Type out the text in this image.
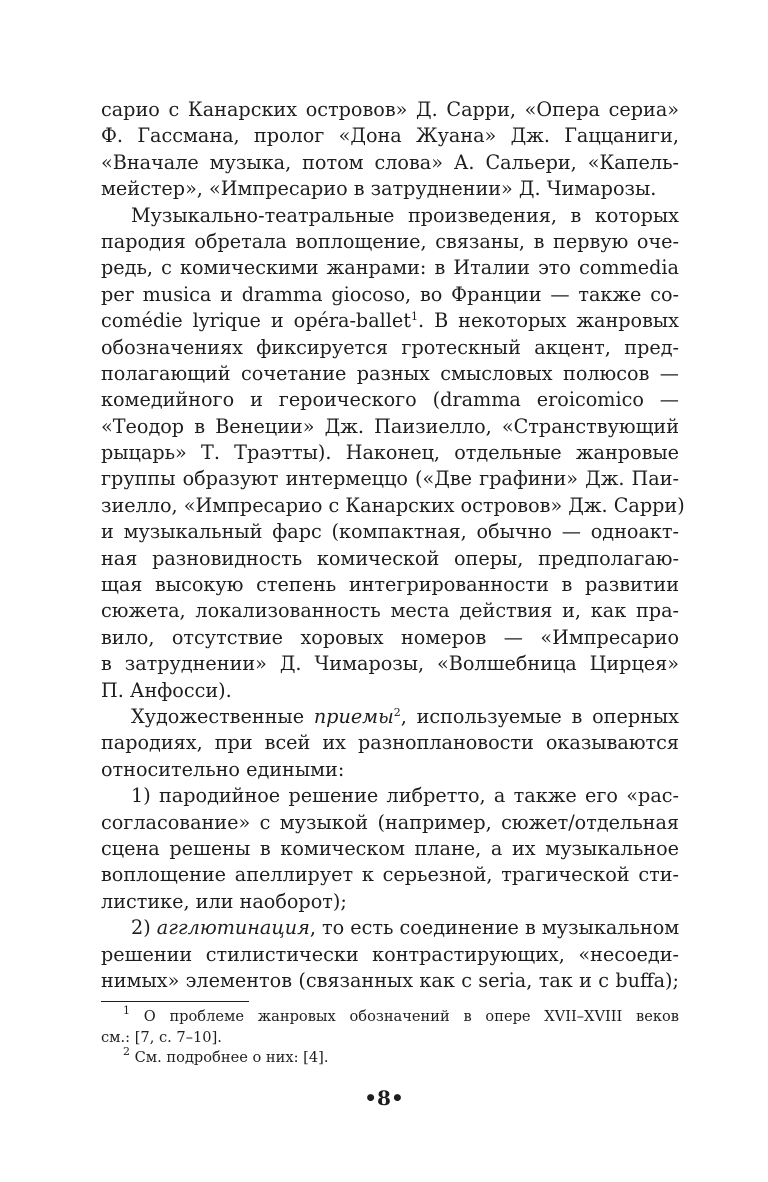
сарио с Канарских островов» Д. Сарри, «Опера сериа»
Ф. Гассмана, пролог «Дона Жуана» Дж. Гаццаниги,
«Вначале музыка, потом слова» А. Сальери, «Капель-
мейстер», «Импресарио в затруднении» Д. Чимарозы.
Музыкально-театральные произведения, в которых
пародия обретала воплощение, связаны, в первую оче-
редь, с комическими жанрами: в Италии это commedia
per musica и dramma giocoso, во Франции — также co-
comédie lyrique и opéra-ballet$^1$. В некоторых жанровых
обозначениях фиксируется гротескный акцент, пред-
полагающий сочетание разных смысловых полюсов —
комедийного и героического (dramma eroicomico —
«Теодор в Венеции» Дж. Паизиелло, «Странствующий
рыцарь» Т. Траэтты). Наконец, отдельные жанровые
группы образуют интермеццо («Две графини» Дж. Паи-
зиелло, «Импресарио с Канарских островов» Дж. Сарри)
и музыкальный фарс (компактная, обычно — одноакт-
ная разновидность комической оперы, предполагаю-
щая высокую степень интегрированности в развитии
сюжета, локализованность места действия и, как пра-
вило, отсутствие хоровых номеров — «Импресарио
в затруднении» Д. Чимарозы, «Волшебница Цирцея»
П. Анфосси).
Художественные приемы$^2$, используемые в оперных
пародиях, при всей их разноплановости оказываются
относительно едиными:
1) пародийное решение либретто, а также его «рас-
согласование» с музыкой (например, сюжет/отдельная
сцена решены в комическом плане, а их музыкальное
воплощение апеллирует к серьезной, трагической сти-
листике, или наоборот);
2) агглютинация, то есть соединение в музыкальном
решении стилистически контрастирующих, «несоеди-
нимых» элементов (связанных как с seria, так и с buffa);
$^1$ О проблеме жанровых обозначений в опере XVII–XVIII веков
см.: [7, с. 7–10].
$^2$ См. подробнее о них: [4].
•8•
